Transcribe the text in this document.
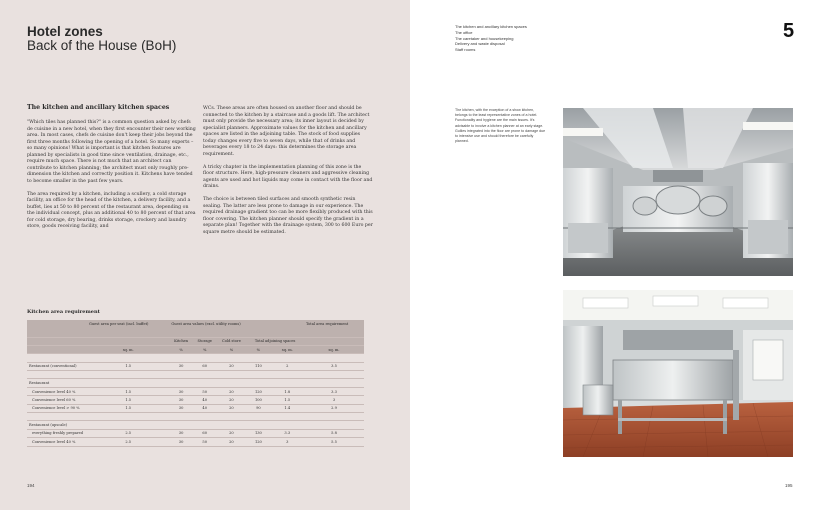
Hotel zones
Back of the House (BoH)
The kitchen and ancillary kitchen spaces

"Which tiles has planned this?" is a common question asked by chefs de cuisine in a new hotel, when they first encounter their new working area. In most cases, chefs de cuisine don't keep their jobs beyond the first three months following the opening of a hotel. So many experts – so many opinions! What is important is that kitchen features are planned by specialists in good time since ventilation, drainage, etc., require much space. There is not much that an architect can contribute to kitchen planning; the architect must only roughly pre-dimension the kitchen and correctly position it. Kitchens have tended to become smaller in the past few years.

The area required by a kitchen, including a scullery, a cold storage facility, an office for the head of the kitchen, a delivery facility, and a buffet, lies at 50 to 80 percent of the restaurant area, depending on the individual concept, plus an additional 40 to 80 percent of that area for cold storage, dry bearing, drinks storage, crockery and laundry store, goods receiving facility, and

WCs. These areas are often housed on another floor and should be connected to the kitchen by a staircase and a goods lift. The architect must only provide the necessary area; its inner layout is decided by specialist planners. Approximate values for the kitchen and ancillary spaces are listed in the adjoining table. The stock of food supplies today changes every five to seven days, while that of drinks and beverages every 18 to 24 days: this determines the storage area requirement.

A tricky chapter in the implementation planning of this zone is the floor structure. Here, high-pressure cleaners and aggressive cleaning agents are used and hot liquids may come in contact with the floor and drains.

The choice is between tiled surfaces and smooth synthetic resin sealing. The latter are less prone to damage in our experience. The required drainage gradient too can be more flexibly produced with this floor covering. The kitchen planner should specify the gradient in a separate plan! Together with the drainage system, 300 to 600 Euro per square metre should be estimated.

Kitchen area requirement
	Guest area per seat (incl. buffet)	Guest area values (excl. utility rooms)					Total area requirement
		Kitchen	Storage	Cold store	Total adjoining spaces		
	sq. m.	%	%	%	%	sq. m.	sq. m.

Restaurant (conventional)	1.5	30	60	20	110	2	3.5

Restaurant							
Convenience level 40 %	1.5	30	50	20	120	1.8	3.3
Convenience level 60 %	1.5	30	40	20	100	1.5	3
Convenience level > 90 %	1.5	30	40	20	90	1.4	2.9

Restaurant (upscale)							
everything freshly prepared	2.5	30	60	20	130	3.3	5.8
Convenience level 40 %	2.5	30	50	20	120	3	5.5
194
The kitchen and ancillary kitchen spaces
The office
The caretaker and housekeeping
Delivery and waste disposal
Staff rooms
5
The kitchen, with the exception of a show kitchen, belongs to the least representative zones of a hotel. Functionality and hygiene are the main issues. It's advisable to involve a kitchen planner at an early stage. Gullies integrated into the floor are prone to damage due to intensive use and should therefore be carefully planned.
195
